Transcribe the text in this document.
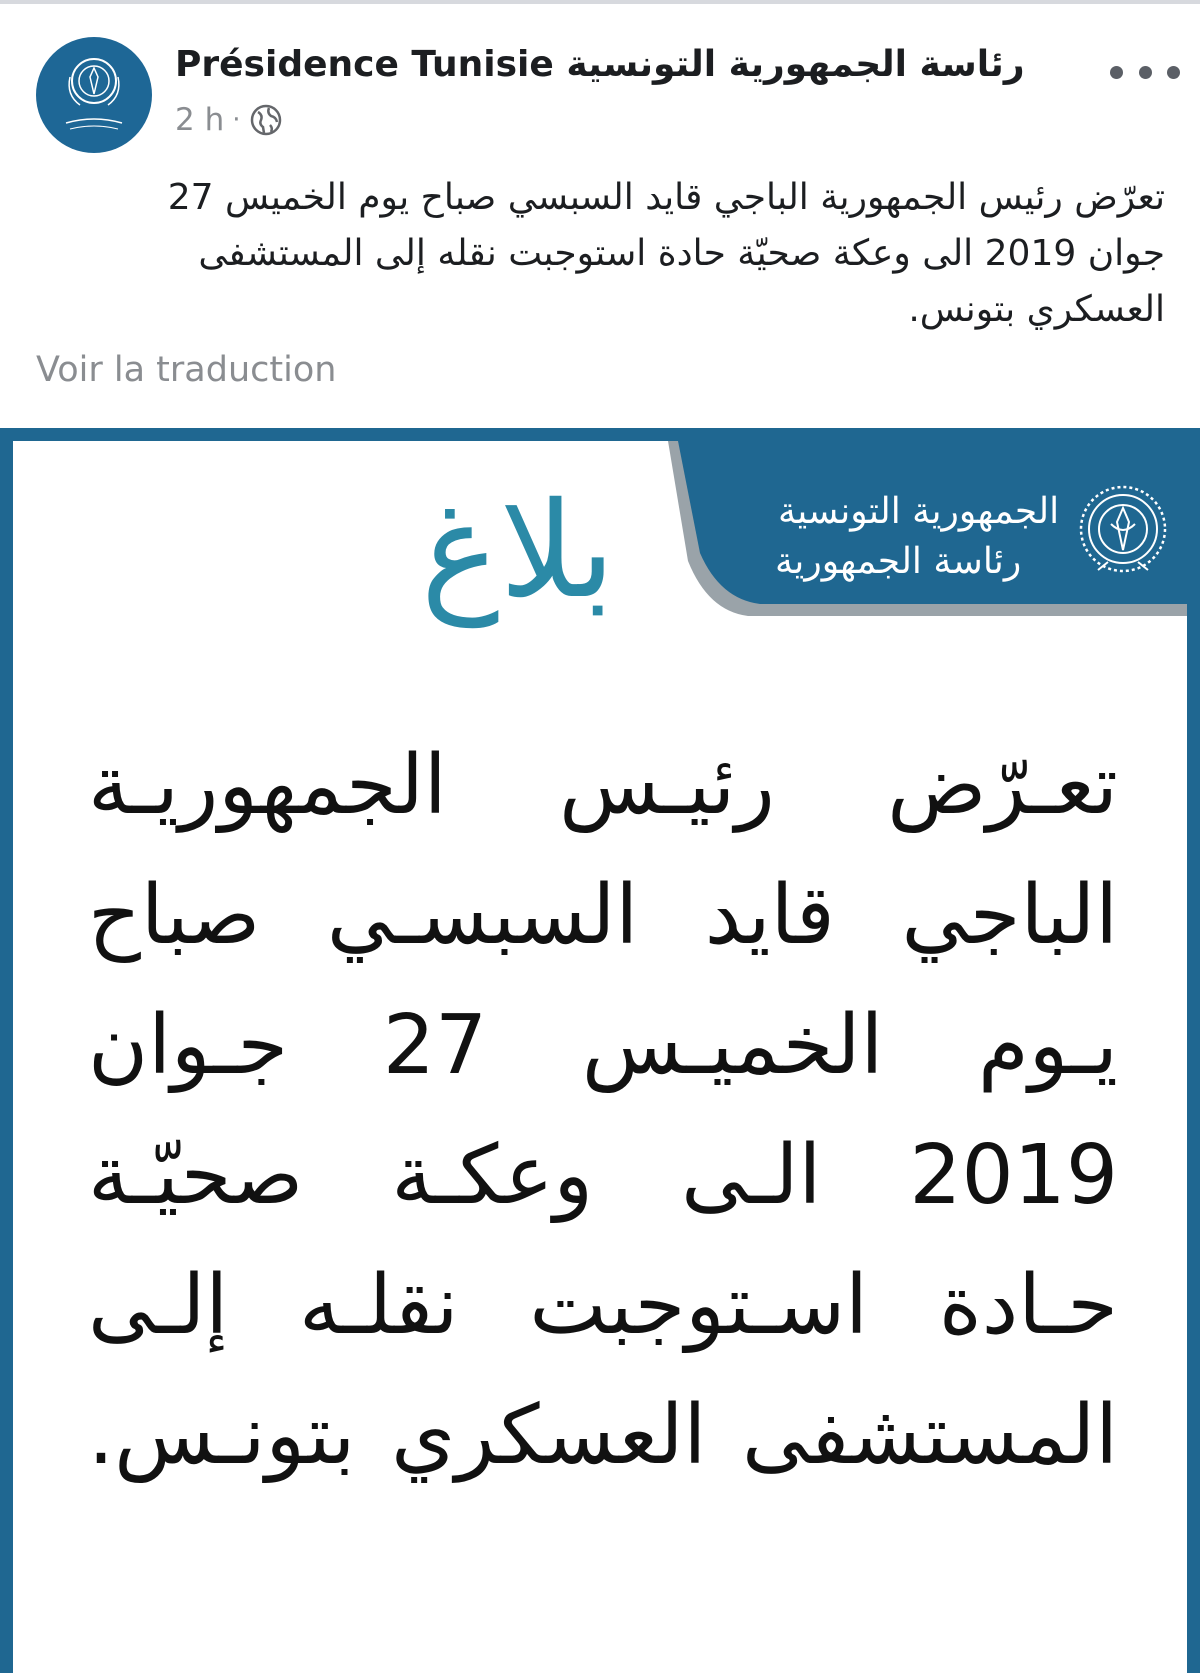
Présidence Tunisie رئاسة الجمهورية التونسية
2 h ·
تعرّض رئيس الجمهورية الباجي قايد السبسي صباح يوم الخميس 27 جوان 2019 الى وعكة صحيّة حادة استوجبت نقله إلى المستشفى العسكري بتونس.
Voir la traduction
الجمهورية التونسية
رئاسة الجمهورية
بلاغ
تعـرّض رئيـس الجمهوريـة الباجي قايد السبسـي صباح يـوم الخميـس 27 جـوان 2019 الـى وعكـة صحيّـة حـادة اسـتوجبت نقلـه إلـى المستشفى العسكري بتونـس.
